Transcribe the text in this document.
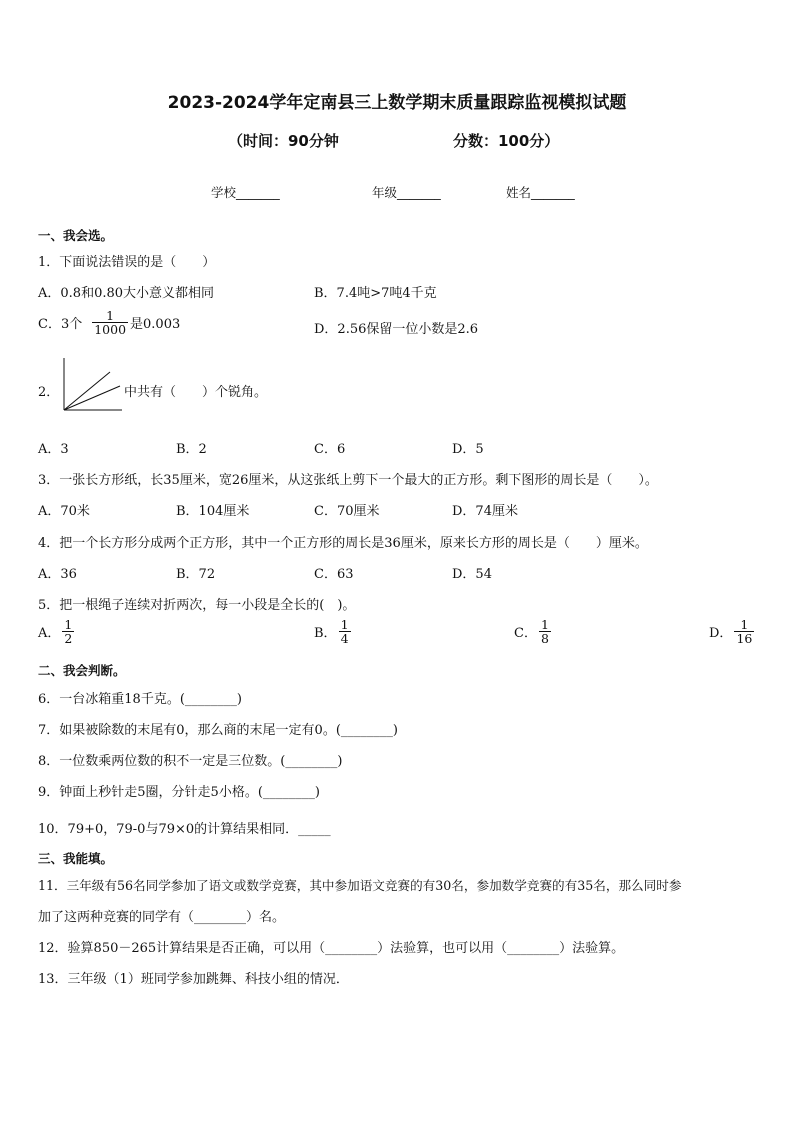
2023-2024学年定南县三上数学期末质量跟踪监视模拟试题
（时间：90分钟	分数：100分）
学校_______	年级_______	姓名_______
一、我会选。
1．下面说法错误的是（　　）
A．0.8和0.80大小意义都相同	B．7.4吨>7吨4千克
C．3个 $\frac{1}{1000}$ 是0.003	D．2.56保留一位小数是2.6
2．	中共有（　　）个锐角。
A．3	B．2	C．6	D．5
3．一张长方形纸，长35厘米，宽26厘米，从这张纸上剪下一个最大的正方形。剩下图形的周长是（　　）。
A．70米	B．104厘米	C．70厘米	D．74厘米
4．把一个长方形分成两个正方形，其中一个正方形的周长是36厘米，原来长方形的周长是（　　）厘米。
A．36	B．72	C．63	D．54
5．把一根绳子连续对折两次，每一小段是全长的(　)。
A． $\frac{1}{2}$	B． $\frac{1}{4}$	C． $\frac{1}{8}$	D． $\frac{1}{16}$
二、我会判断。
6．一台冰箱重18千克。(________)
7．如果被除数的末尾有0，那么商的末尾一定有0。(________)
8．一位数乘两位数的积不一定是三位数。(________)
9．钟面上秒针走5圈，分针走5小格。(________)
10．79+0，79-0与79×0的计算结果相同．_____
三、我能填。
11．三年级有56名同学参加了语文或数学竞赛，其中参加语文竞赛的有30名，参加数学竞赛的有35名，那么同时参
加了这两种竞赛的同学有（________）名。
12．验算850－265计算结果是否正确，可以用（________）法验算，也可以用（________）法验算。
13．三年级（1）班同学参加跳舞、科技小组的情况．
